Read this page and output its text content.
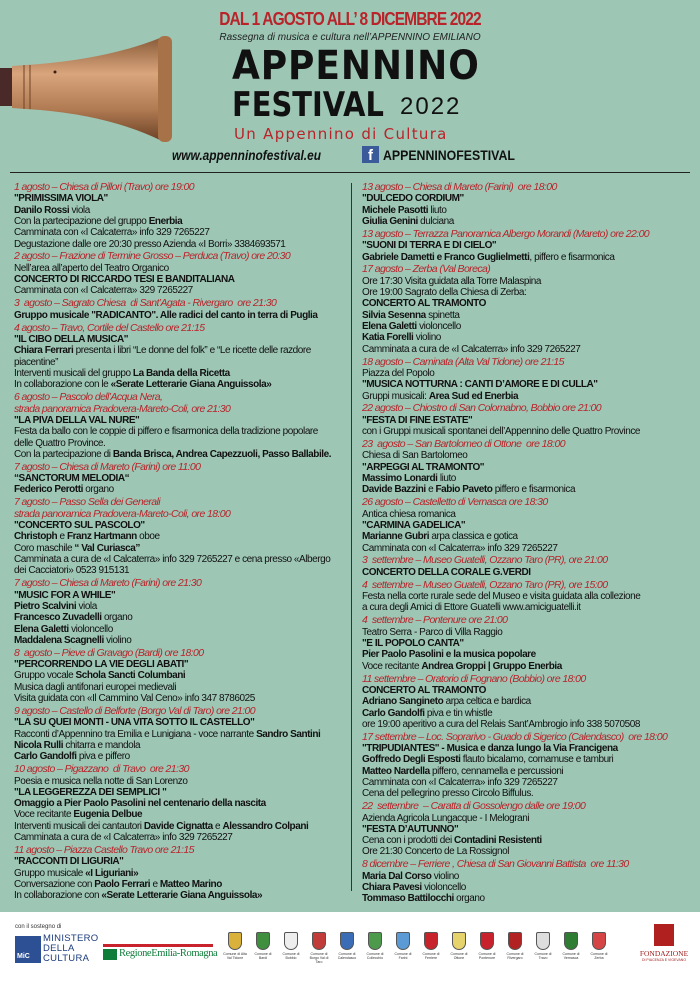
DAL 1 AGOSTO ALL’ 8 DICEMBRE 2022
Rassegna di musica e cultura nell’APPENNINO EMILIANO
APPENNINO
FESTIVAL 2022
Un Appennino di Cultura
www.appenninofestival.eu	f APPENNINOFESTIVAL
1 agosto – Chiesa di Pillori (Travo) ore 19:00

"PRIMISSIMA VIOLA"

Danilo Rossi viola

Con la partecipazione del gruppo Enerbia

Camminata con «I Calcaterra» info 329 7265227

Degustazione dalle ore 20:30 presso Azienda «I Borri» 3384693571

2 agosto – Frazione di Termine Grosso – Perduca (Travo) ore 20:30

Nell’area all’aperto del Teatro Organico

CONCERTO DI RICCARDO TESI E BANDITALIANA

Camminata con «I Calcaterra» 329 7265227

3  agosto – Sagrato Chiesa  di Sant’Agata - Rivergaro  ore 21:30

Gruppo musicale "RADICANTO". Alle radici del canto in terra di Puglia

4 agosto – Travo, Cortile del Castello ore 21:15

"IL CIBO DELLA MUSICA"

Chiara Ferrari presenta i libri “Le donne del folk” e “Le ricette delle razdore

piacentine”

Interventi musicali del gruppo La Banda della Ricetta

In collaborazione con le «Serate Letterarie Giana Anguissola»

6 agosto – Pascolo dell’Acqua Nera,
strada panoramica Pradovera-Mareto-Coli, ore 21:30

"LA PIVA DELLA VAL NURE"

Festa da ballo con le coppie di piffero e fisarmonica della tradizione popolare

delle Quattro Province.

Con la partecipazione di Banda Brisca, Andrea Capezzuoli, Passo Ballabile.

7 agosto – Chiesa di Mareto (Farini) ore 11:00

“SANCTORUM MELODIA“

Federico Perotti organo

7 agosto – Passo Sella dei Generali
strada panoramica Pradovera-Mareto-Coli, ore 18:00

"CONCERTO SUL PASCOLO"

Christoph e Franz Hartmann oboe

Coro maschile “ Val Curiasca”

Camminata a cura de «I Calcaterra» info 329 7265227 e cena presso «Albergo

dei Cacciatori» 0523 915131

7 agosto – Chiesa di Mareto (Farini) ore 21:30

"MUSIC FOR A WHILE"

Pietro Scalvini viola

Francesco Zuvadelli organo

Elena Galetti violoncello

Maddalena Scagnelli violino

8  agosto – Pieve di Gravago (Bardi) ore 18:00

"PERCORRENDO LA VIE DEGLI ABATI"

Gruppo vocale Schola Sancti Columbani

Musica dagli antifonari europei medievali

Visita guidata con «Il Cammino Val Ceno» info 347 8786025

9 agosto – Castello di Belforte (Borgo Val di Taro) ore 21:00

"LÀ SU QUEI MONTI - UNA VITA SOTTO IL CASTELLO"

Racconti d’Appennino tra Emilia e Lunigiana - voce narrante Sandro Santini

Nicola Rulli chitarra e mandola

Carlo Gandolfi piva e piffero

10 agosto – Pigazzano  di Travo  ore 21:30

Poesia e musica nella notte di San Lorenzo

"LA LEGGEREZZA DEI SEMPLICI "

Omaggio a Pier Paolo Pasolini nel centenario della nascita

Voce recitante Eugenia Delbue

Interventi musicali dei cantautori Davide Cignatta e Alessandro Colpani

Camminata a cura de «I Calcaterra» info 329 7265227

11 agosto – Piazza Castello Travo ore 21:15

"RACCONTI DI LIGURIA"

Gruppo musicale «I Liguriani»

Conversazione con Paolo Ferrari e Matteo Marino

In collaborazione con «Serate Letterarie Giana Anguissola»

13 agosto – Chiesa di Mareto (Farini)  ore 18:00

"DULCEDO CORDIUM"

Michele Pasotti liuto

Giulia Genini dulciana

13 agosto – Terrazza Panoramica Albergo Morandi (Mareto) ore 22:00

"SUONI DI TERRA E DI CIELO"

Gabriele Dametti e Franco Guglielmetti, piffero e fisarmonica

17 agosto – Zerba (Val Boreca)

Ore 17:30 Visita guidata alla Torre Malaspina

Ore 19:00 Sagrato della Chiesa di Zerba:

CONCERTO AL TRAMONTO

Silvia Sesenna spinetta

Elena Galetti violoncello

Katia Forelli violino

Camminata a cura de «I Calcaterra» info 329 7265227

18 agosto – Caminata (Alta Val Tidone) ore 21:15

Piazza del Popolo

"MUSICA NOTTURNA : CANTI D’AMORE E DI CULLA"

Gruppi musicali: Area Sud ed Enerbia

22 agosto – Chiostro di San Colomabno, Bobbio ore 21:00

"FESTA DI FINE ESTATE"

con i Gruppi musicali spontanei dell’Appennino delle Quattro Province

23  agosto – San Bartolomeo di Ottone  ore 18:00

Chiesa di San Bartolomeo

"ARPEGGI AL TRAMONTO"

Massimo Lonardi liuto

Davide Bazzini e Fabio Paveto piffero e fisarmonica

26 agosto – Castelletto di Vernasca ore 18:30

Antica chiesa romanica

"CARMINA GADELICA"

Marianne Gubri arpa classica e gotica

Camminata con «I Calcaterra» info 329 7265227

3  settembre – Museo Guatelli, Ozzano Taro (PR), ore 21:00

CONCERTO DELLA CORALE G.VERDI

4  settembre – Museo Guatelli, Ozzano Taro (PR), ore 15:00

Festa nella corte rurale sede del Museo e visita guidata alla collezione

a cura degli Amici di Ettore Guatelli www.amiciguatelli.it

4  settembre – Pontenure ore 21:00

Teatro Serra - Parco di Villa Raggio

"E IL POPOLO CANTA"

Pier Paolo Pasolini e la musica popolare

Voce recitante Andrea Groppi | Gruppo Enerbia

11 settembre – Oratorio di Fognano (Bobbio) ore 18:00

CONCERTO AL TRAMONTO

Adriano Sangineto arpa celtica e bardica

Carlo Gandolfi piva e tin whistle

ore 19:00 aperitivo a cura del Relais Sant’Ambrogio info 338 5070508

17 settembre – Loc. Soprarivo - Guado di Sigerico (Calendasco)  ore 18:00

"TRIPUDIANTES" - Musica e danza lungo la Via Francigena

Goffredo Degli Esposti flauto bicalamo, cornamuse e tamburi

Matteo Nardella piffero, cennamella e percussioni

Camminata con «I Calcaterra» info 329 7265227

Cena del pellegrino presso Circolo Biffulus.

22  settembre  – Caratta di Gossolengo dalle ore 19:00

Azienda Agricola Lungacque - I Melograni

"FESTA D’AUTUNNO"

Cena con i prodotti dei Contadini Resistenti

Ore 21:30 Concerto de La Rossignol

8 dicembre – Ferriere , Chiesa di San Giovanni Battista  ore 11:30

Maria Dal Corso violino

Chiara Pavesi violoncello

Tommaso Battilocchi organo

con il sostegno di
MiC
MINISTERO
DELLA
CULTURA	RegioneEmilia-Romagna	Comune di Alta Val Tidone
Comune di Bardi
Comune di Bobbio
Comune di Borgo Val di Taro
Comune di Calendasco
Comune di Collecchio
Comune di Farini
Comune di Ferriere
Comune di Ottone
Comune di Pontenure
Comune di Rivergaro
Comune di Travo
Comune di Vernasca
Comune di Zerba	FONDAZIONE
DI PIACENZA E VIGEVANO
